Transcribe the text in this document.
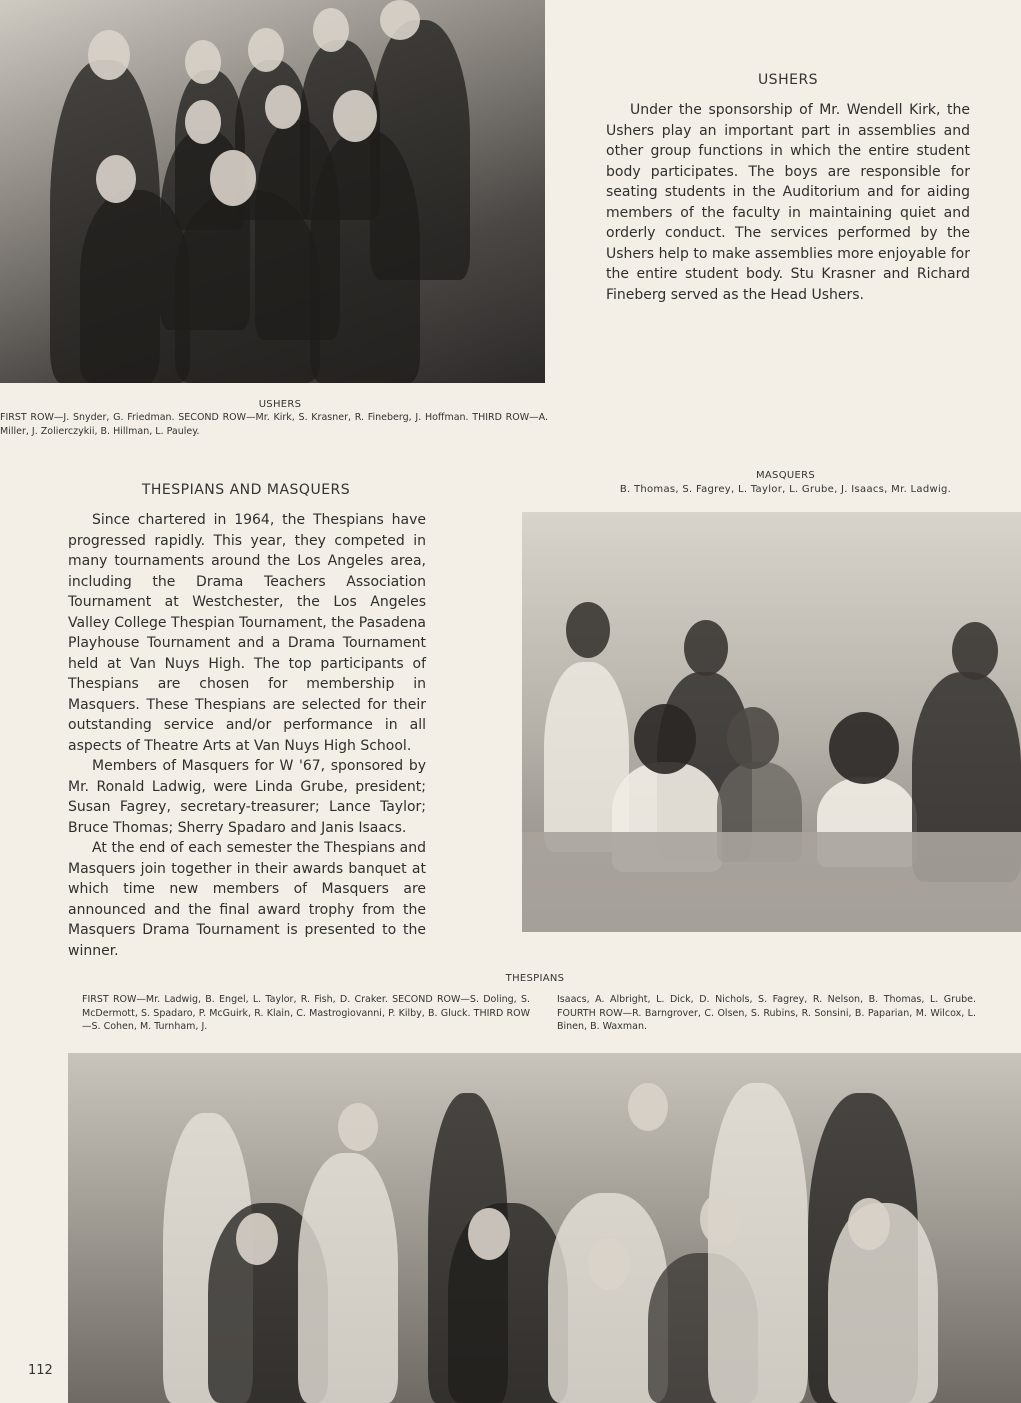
USHERS

Under the sponsorship of Mr. Wendell Kirk, the Ushers play an important part in assemblies and other group functions in which the entire student body participates. The boys are responsible for seating students in the Auditorium and for aiding members of the faculty in maintaining quiet and orderly conduct. The services performed by the Ushers help to make assemblies more enjoyable for the entire student body. Stu Krasner and Richard Fineberg served as the Head Ushers.

USHERS
FIRST ROW—J. Snyder, G. Friedman. SECOND ROW—Mr. Kirk, S. Krasner, R. Fineberg, J. Hoffman. THIRD ROW—A. Miller, J. Zolierczykii, B. Hillman, L. Pauley.
MASQUERS
B. Thomas, S. Fagrey, L. Taylor, L. Grube, J. Isaacs, Mr. Ladwig.
THESPIANS AND MASQUERS

Since chartered in 1964, the Thespians have progressed rapidly. This year, they competed in many tournaments around the Los Angeles area, including the Drama Teachers Association Tournament at Westchester, the Los Angeles Valley College Thespian Tournament, the Pasadena Playhouse Tournament and a Drama Tournament held at Van Nuys High. The top participants of Thespians are chosen for membership in Masquers. These Thespians are selected for their outstanding service and/or performance in all aspects of Theatre Arts at Van Nuys High School.

Members of Masquers for W '67, sponsored by Mr. Ronald Ladwig, were Linda Grube, president; Susan Fagrey, secretary-treasurer; Lance Taylor; Bruce Thomas; Sherry Spadaro and Janis Isaacs.

At the end of each semester the Thespians and Masquers join together in their awards banquet at which time new members of Masquers are announced and the final award trophy from the Masquers Drama Tournament is presented to the winner.

THESPIANS
FIRST ROW—Mr. Ladwig, B. Engel, L. Taylor, R. Fish, D. Craker. SECOND ROW—S. Doling, S. McDermott, S. Spadaro, P. McGuirk, R. Klain, C. Mastrogiovanni, P. Kilby, B. Gluck. THIRD ROW—S. Cohen, M. Turnham, J.
Isaacs, A. Albright, L. Dick, D. Nichols, S. Fagrey, R. Nelson, B. Thomas, L. Grube. FOURTH ROW—R. Barngrover, C. Olsen, S. Rubins, R. Sonsini, B. Paparian, M. Wilcox, L. Binen, B. Waxman.
112
